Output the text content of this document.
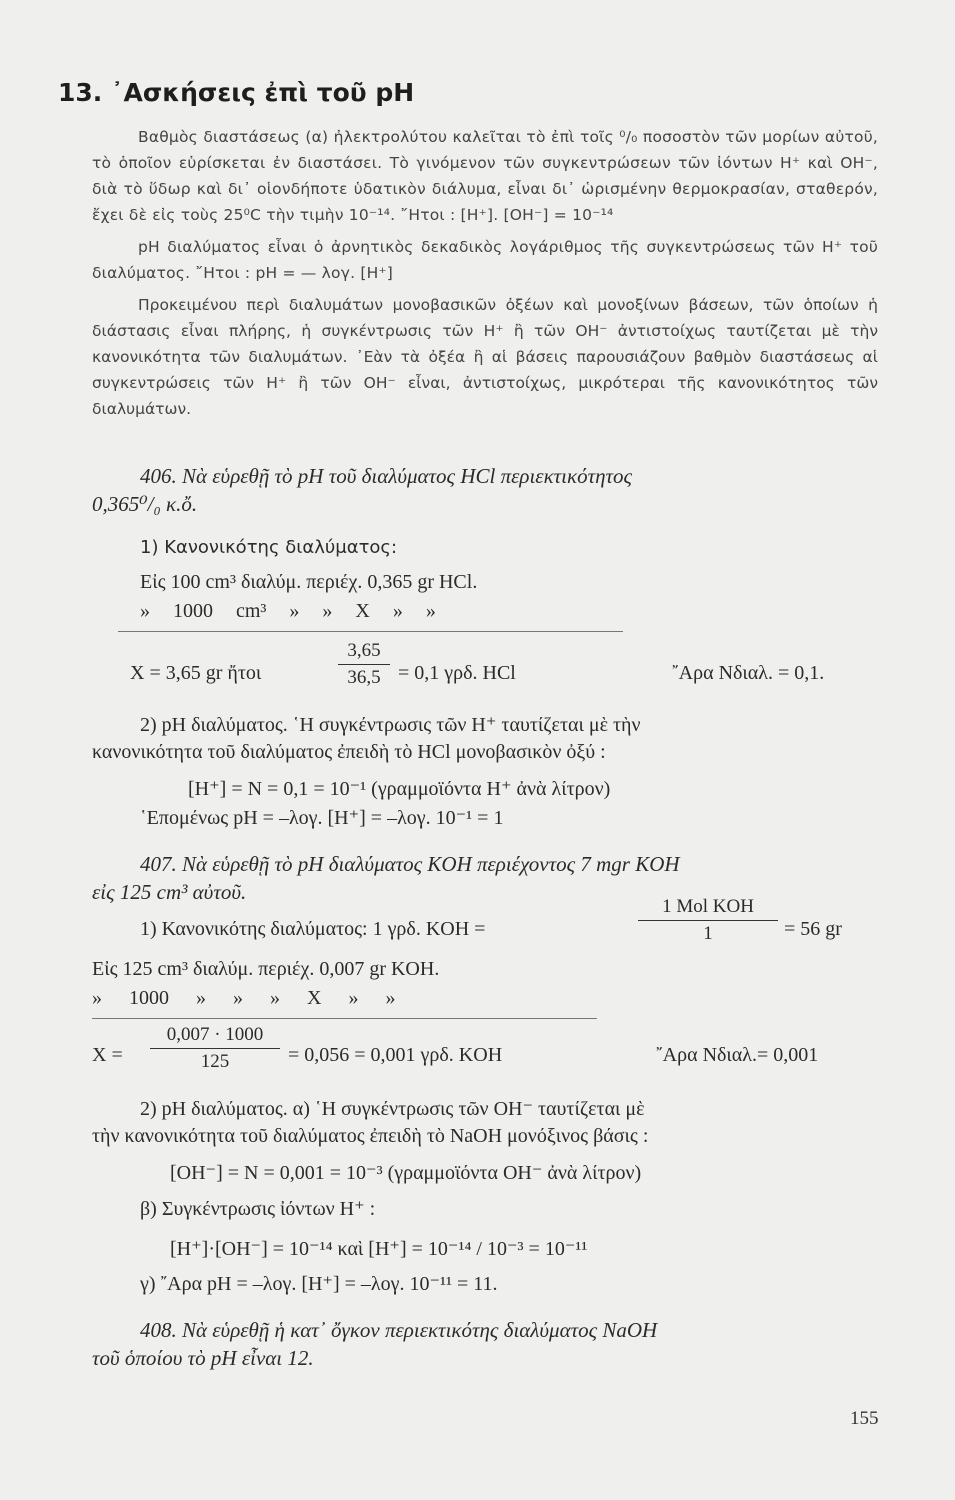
13. ᾿Ασκήσεις ἐπὶ τοῦ pH

Βαθμὸς διαστάσεως (α) ἠλεκτρολύτου καλεῖται τὸ ἐπὶ τοῖς ⁰/₀ ποσοστὸν τῶν μορίων αὐτοῦ, τὸ ὁποῖον εὑρίσκεται ἐν διαστάσει. Τὸ γινόμενον τῶν συγκεντρώσεων τῶν ἰόντων H⁺ καὶ OH⁻, διὰ τὸ ὕδωρ καὶ δι᾿ οἱονδήποτε ὑδατικὸν διάλυμα, εἶναι δι᾿ ὡρισμένην θερμοκρασίαν, σταθερόν, ἔχει δὲ εἰς τοὺς 25⁰C τὴν τιμὴν 10⁻¹⁴. ῎Ητοι : [H⁺]. [OH⁻] = 10⁻¹⁴

pH διαλύματος εἶναι ὁ ἀρνητικὸς δεκαδικὸς λογάριθμος τῆς συγκεντρώσεως τῶν H⁺ τοῦ διαλύματος. ῎Ητοι : pH = — λογ. [H⁺]

Προκειμένου περὶ διαλυμάτων μονοβασικῶν ὀξέων καὶ μονοξίνων βάσεων, τῶν ὁποίων ἡ διάστασις εἶναι πλήρης, ἡ συγκέντρωσις τῶν H⁺ ἢ τῶν OH⁻ ἀντιστοίχως ταυτίζεται μὲ τὴν κανονικότητα τῶν διαλυμάτων. ᾿Εὰν τὰ ὀξέα ἢ αἱ βάσεις παρουσιάζουν βαθμὸν διαστάσεως αἱ συγκεντρώσεις τῶν H⁺ ἢ τῶν OH⁻ εἶναι, ἀντιστοίχως, μικρότεραι τῆς κανονικότητος τῶν διαλυμάτων.

406. Νὰ εὑρεθῇ τὸ pH τοῦ διαλύματος HCl περιεκτικότητος
0,365⁰/₀ κ.ὄ.
1) Κανονικότης διαλύματος:
Εἰς 100 cm³ διαλύμ. περιέχ. 0,365 gr HCl.
» 1000 cm³ » » X » »
X = 3,65 gr ἤτοι
3,65
36,5 = 0,1 γρδ. HCl	῎Αρα Nδιαλ. = 0,1.
2) pH διαλύματος. ῾Η συγκέντρωσις τῶν H⁺ ταυτίζεται μὲ τὴν
κανονικότητα τοῦ διαλύματος ἐπειδὴ τὸ HCl μονοβασικὸν ὀξύ :
[H⁺] = N = 0,1 = 10⁻¹ (γραμμοϊόντα H⁺ ἀνὰ λίτρον)
῾Επομένως pH = –λογ. [H⁺] = –λογ. 10⁻¹ = 1
407. Νὰ εὑρεθῇ τὸ pH διαλύματος KOH περιέχοντος 7 mgr KOH
εἰς 125 cm³ αὐτοῦ.
1) Κανονικότης διαλύματος: 1 γρδ. KOH =
1 Mol KOH
1	= 56 gr
Εἰς 125 cm³ διαλύμ. περιέχ. 0,007 gr KOH.
» 1000 » » » X » »
X =
0,007 · 1000
125	= 0,056 = 0,001 γρδ. KOH	῎Αρα Nδιαλ.= 0,001
2) pH διαλύματος. α) ῾Η συγκέντρωσις τῶν OH⁻ ταυτίζεται μὲ
τὴν κανονικότητα τοῦ διαλύματος ἐπειδὴ τὸ NaOH μονόξινος βάσις :
[OH⁻] = N = 0,001 = 10⁻³ (γραμμοϊόντα OH⁻ ἀνὰ λίτρον)
β) Συγκέντρωσις ἰόντων H⁺ :
[H⁺]·[OH⁻] = 10⁻¹⁴ καὶ [H⁺] = 10⁻¹⁴ / 10⁻³ = 10⁻¹¹
γ) ῎Αρα pH = –λογ. [H⁺] = –λογ. 10⁻¹¹ = 11.
408. Νὰ εὑρεθῇ ἡ κατ᾿ ὄγκον περιεκτικότης διαλύματος NaOH
τοῦ ὁποίου τὸ pH εἶναι 12.
155
